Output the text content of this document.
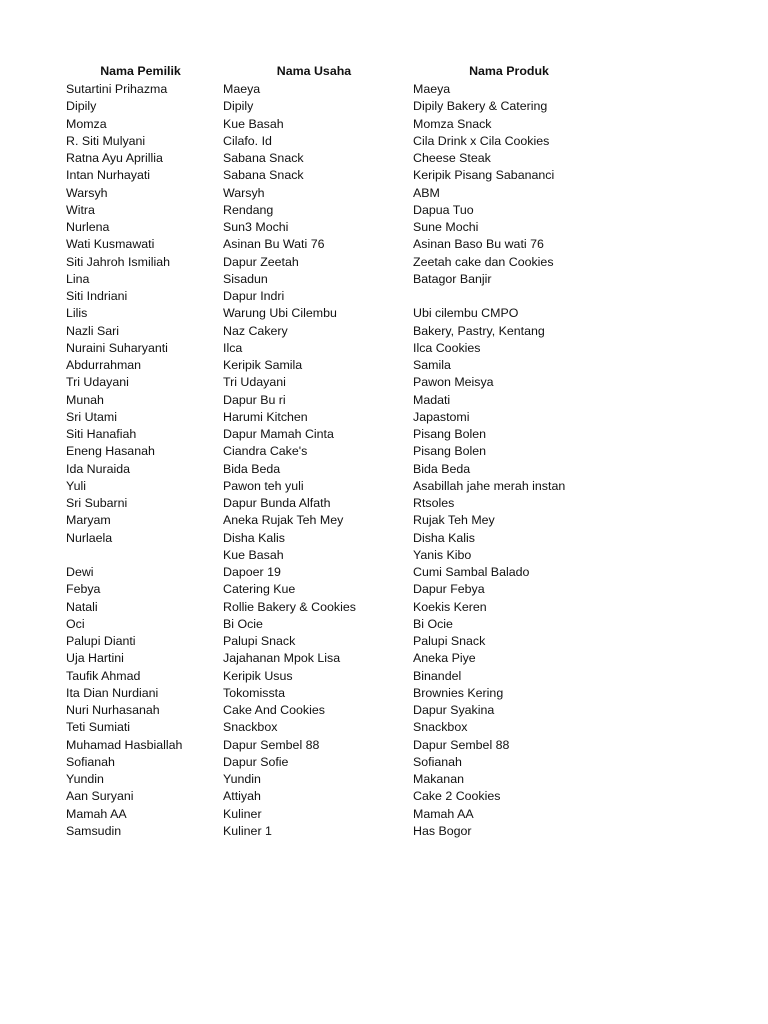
Nama Pemilik	Nama Usaha	Nama Produk
Sutartini Prihazma	Maeya	Maeya
Dipily	Dipily	Dipily Bakery & Catering
Momza	Kue Basah	Momza Snack
R. Siti Mulyani	Cilafo. Id	Cila Drink x Cila Cookies
Ratna Ayu Aprillia	Sabana Snack	Cheese Steak
Intan Nurhayati	Sabana Snack	Keripik Pisang Sabananci
Warsyh	Warsyh	ABM
Witra	Rendang	Dapua Tuo
Nurlena	Sun3 Mochi	Sune Mochi
Wati Kusmawati	Asinan Bu Wati 76	Asinan Baso Bu wati 76
Siti Jahroh Ismiliah	Dapur Zeetah	Zeetah cake dan Cookies
Lina	Sisadun	Batagor Banjir
Siti Indriani	Dapur Indri	
Lilis	Warung Ubi Cilembu	Ubi cilembu CMPO
Nazli Sari	Naz Cakery	Bakery, Pastry, Kentang
Nuraini Suharyanti	Ilca	Ilca Cookies
Abdurrahman	Keripik Samila	Samila
Tri Udayani	Tri Udayani	Pawon Meisya
Munah	Dapur Bu ri	Madati
Sri Utami	Harumi Kitchen	Japastomi
Siti Hanafiah	Dapur Mamah Cinta	Pisang Bolen
Eneng Hasanah	Ciandra Cake's	Pisang Bolen
Ida Nuraida	Bida Beda	Bida Beda
Yuli	Pawon teh yuli	Asabillah jahe merah instan
Sri Subarni	Dapur Bunda Alfath	Rtsoles
Maryam	Aneka Rujak Teh Mey	Rujak Teh Mey
Nurlaela	Disha Kalis	Disha Kalis
	Kue Basah	Yanis Kibo
Dewi	Dapoer 19	Cumi Sambal Balado
Febya	Catering Kue	Dapur Febya
Natali	Rollie Bakery & Cookies	Koekis Keren
Oci	Bi Ocie	Bi Ocie
Palupi Dianti	Palupi Snack	Palupi Snack
Uja Hartini	Jajahanan Mpok Lisa	Aneka Piye
Taufik Ahmad	Keripik Usus	Binandel
Ita Dian Nurdiani	Tokomissta	Brownies Kering
Nuri Nurhasanah	Cake And Cookies	Dapur Syakina
Teti Sumiati	Snackbox	Snackbox
Muhamad Hasbiallah	Dapur Sembel 88	Dapur Sembel 88
Sofianah	Dapur Sofie	Sofianah
Yundin	Yundin	Makanan
Aan Suryani	Attiyah	Cake 2 Cookies
Mamah AA	Kuliner	Mamah AA
Samsudin	Kuliner 1	Has Bogor
